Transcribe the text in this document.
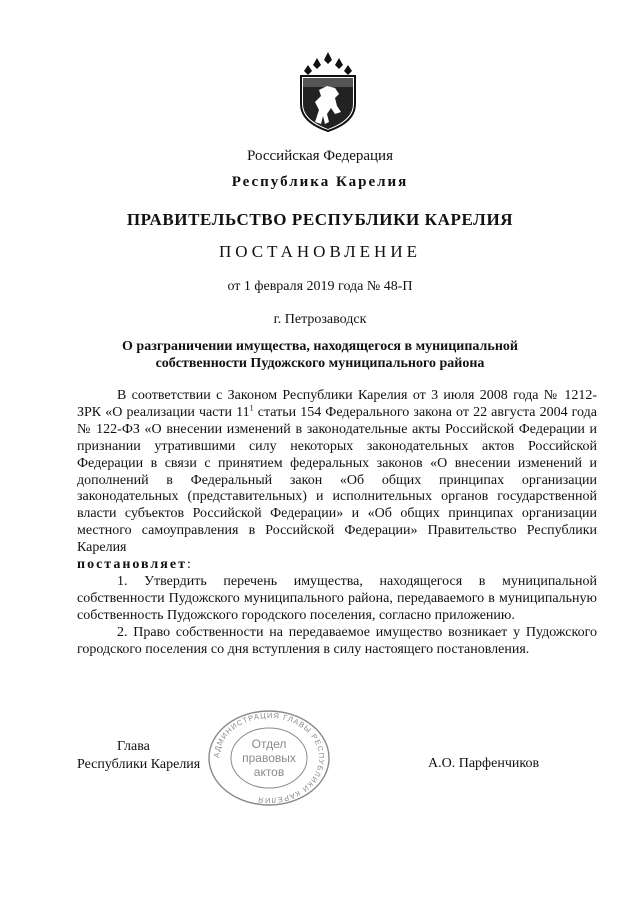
Российская Федерация
Республика Карелия
ПРАВИТЕЛЬСТВО РЕСПУБЛИКИ КАРЕЛИЯ
ПОСТАНОВЛЕНИЕ
от 1 февраля 2019 года № 48-П
г. Петрозаводск
О разграничении имущества, находящегося в муниципальной
собственности Пудожского муниципального района

В соответствии с Законом Республики Карелия от 3 июля 2008 года № 1212-ЗРК «О реализации части $11^1$ статьи 154 Федерального закона от 22 августа 2004 года № 122-ФЗ «О внесении изменений в законодательные акты Российской Федерации и признании утратившими силу некоторых законодательных актов Российской Федерации в связи с принятием федеральных законов «О внесении изменений и дополнений в Федеральный закон «Об общих принципах организации законодательных (представительных) и исполнительных органов государственной власти субъектов Российской Федерации» и «Об общих принципах организации местного самоуправления в Российской Федерации» Правительство Республики Карелия

постановляет:

1. Утвердить перечень имущества, находящегося в муниципальной собственности Пудожского муниципального района, передаваемого в муниципальную собственность Пудожского городского поселения, согласно приложению.

2. Право собственности на передаваемое имущество возникает у Пудожского городского поселения со дня вступления в силу настоящего постановления.

Глава
Республики Карелия	А.О. Парфенчиков
АДМИНИСТРАЦИЯ ГЛАВЫ РЕСПУБЛИКИ КАРЕЛИЯ
Отдел
правовых
актов
